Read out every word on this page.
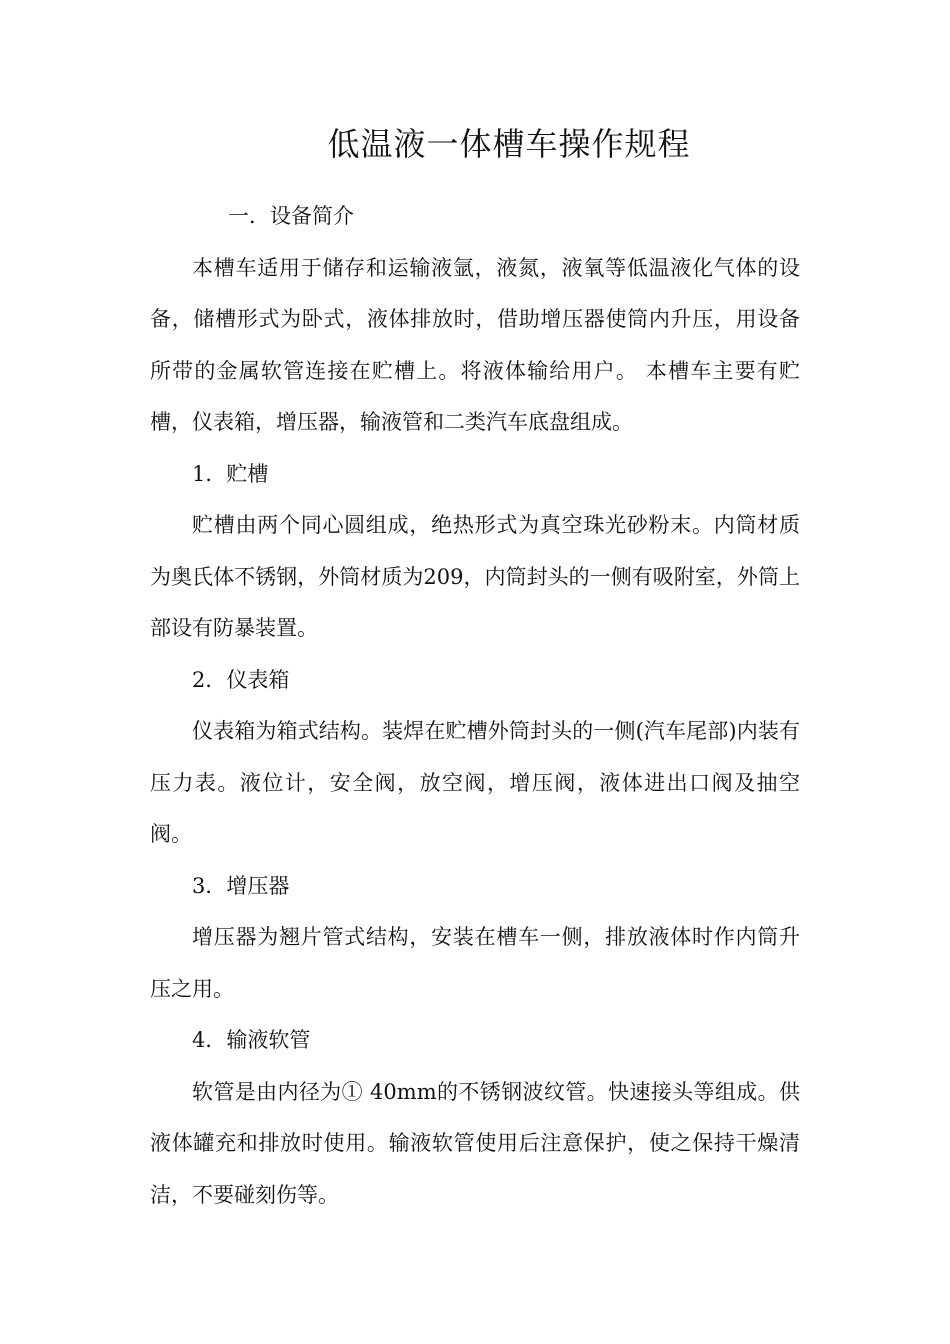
低温液一体槽车操作规程

一．设备简介

本槽车适用于储存和运输液氩，液氮，液氧等低温液化气体的设备，储槽形式为卧式，液体排放时，借助增压器使筒内升压，用设备所带的金属软管连接在贮槽上。将液体输给用户。 本槽车主要有贮槽，仪表箱，增压器，输液管和二类汽车底盘组成。

1．贮槽

贮槽由两个同心圆组成，绝热形式为真空珠光砂粉末。内筒材质为奥氏体不锈钢，外筒材质为209，内筒封头的一侧有吸附室，外筒上部设有防暴装置。

2．仪表箱

仪表箱为箱式结构。装焊在贮槽外筒封头的一侧(汽车尾部)内装有压力表。液位计，安全阀，放空阀，增压阀，液体进出口阀及抽空阀。

3．增压器

增压器为翘片管式结构，安装在槽车一侧，排放液体时作内筒升压之用。

4．输液软管

软管是由内径为① 40mm的不锈钢波纹管。快速接头等组成。供液体罐充和排放时使用。输液软管使用后注意保护，使之保持干燥清洁，不要碰刻伤等。
